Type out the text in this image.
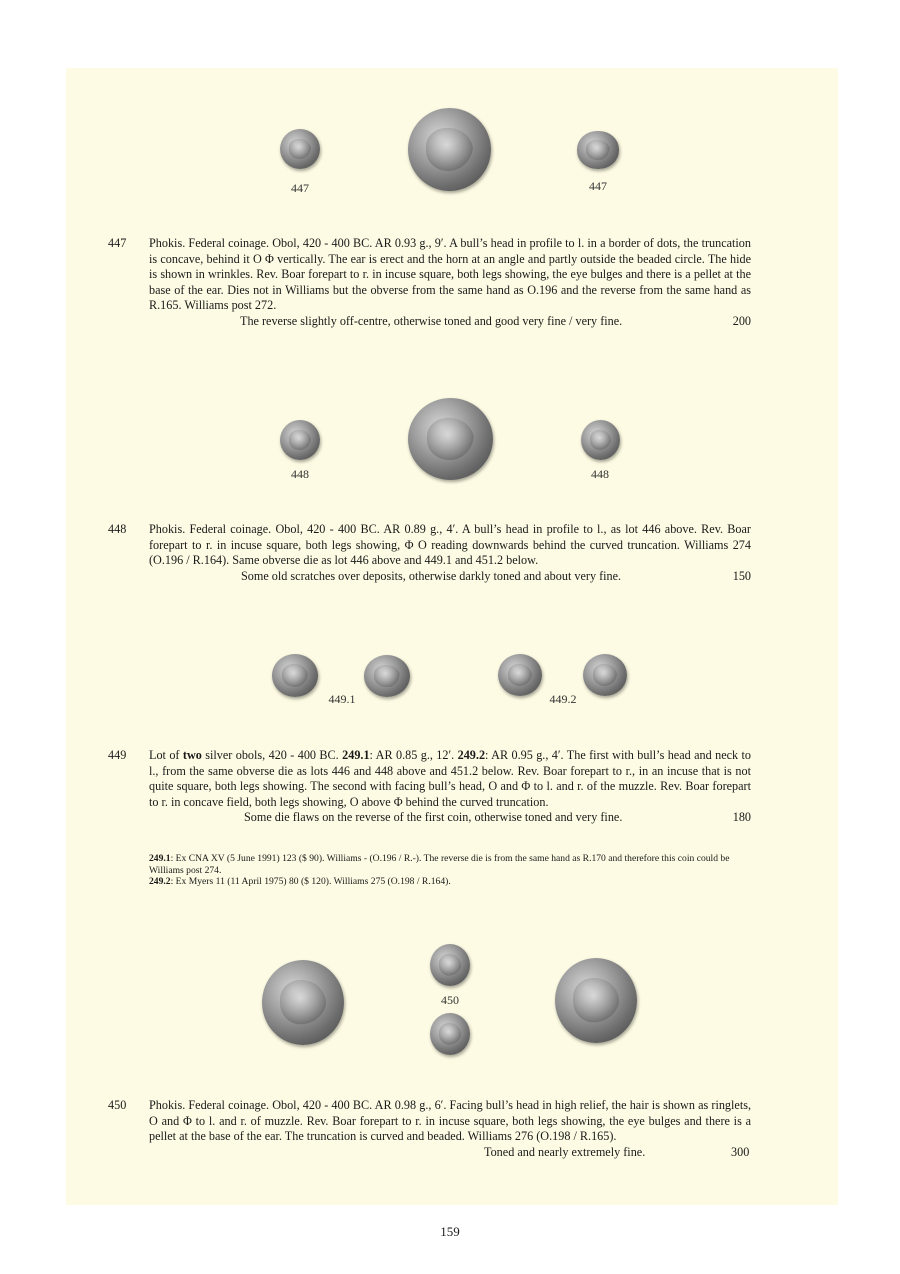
447	447
447 Phokis. Federal coinage. Obol, 420 - 400 BC. AR 0.93 g., 9′. A bull’s head in profile to l. in a border of dots, the truncation is concave, behind it O Φ vertically. The ear is erect and the horn at an angle and partly outside the beaded circle. The hide is shown in wrinkles. Rev. Boar forepart to r. in incuse square, both legs showing, the eye bulges and there is a pellet at the base of the ear. Dies not in Williams but the obverse from the same hand as O.196 and the reverse from the same hand as R.165. Williams post 272.

The reverse slightly off-centre, otherwise toned and good very fine / very fine.	200
448	448
448 Phokis. Federal coinage. Obol, 420 - 400 BC. AR 0.89 g., 4′. A bull’s head in profile to l., as lot 446 above. Rev. Boar forepart to r. in incuse square, both legs showing, Φ O reading downwards behind the curved truncation. Williams 274 (O.196 / R.164). Same obverse die as lot 446 above and 449.1 and 451.2 below.

Some old scratches over deposits, otherwise darkly toned and about very fine.	150
449.1	449.2
449 Lot of two silver obols, 420 - 400 BC. 249.1: AR 0.85 g., 12′. 249.2: AR 0.95 g., 4′. The first with bull’s head and neck to l., from the same obverse die as lots 446 and 448 above and 451.2 below. Rev. Boar forepart to r., in an incuse that is not quite square, both legs showing. The second with facing bull’s head, O and Φ to l. and r. of the muzzle. Rev. Boar forepart to r. in concave field, both legs showing, O above Φ behind the curved truncation.

Some die flaws on the reverse of the first coin, otherwise toned and very fine.	180

249.1: Ex CNA XV (5 June 1991) 123 ($ 90). Williams - (O.196 / R.-). The reverse die is from the same hand as R.170 and therefore this coin could be Williams post 274.

249.2: Ex Myers 11 (11 April 1975) 80 ($ 120). Williams 275 (O.198 / R.164).

450
450 Phokis. Federal coinage. Obol, 420 - 400 BC. AR 0.98 g., 6′. Facing bull’s head in high relief, the hair is shown as ringlets, O and Φ to l. and r. of muzzle. Rev. Boar forepart to r. in incuse square, both legs showing, the eye bulges and there is a pellet at the base of the ear. The truncation is curved and beaded. Williams 276 (O.198 / R.165).

Toned and nearly extremely fine.	300
159
